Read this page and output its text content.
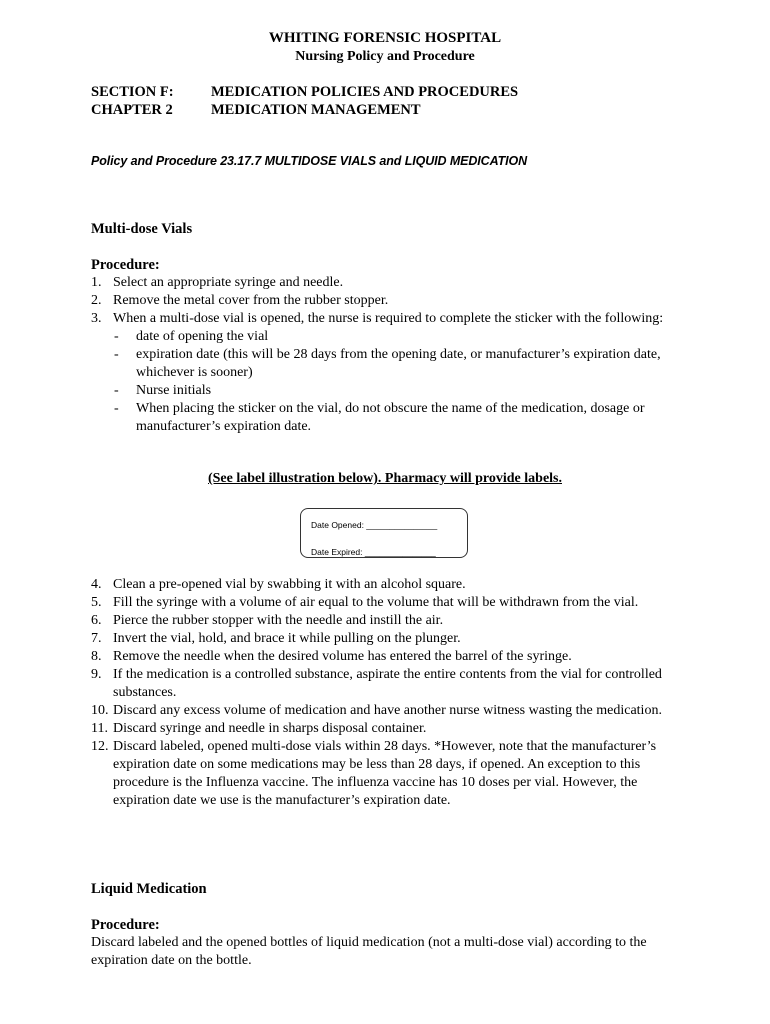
WHITING FORENSIC HOSPITAL
Nursing Policy and Procedure
SECTION F:	MEDICATION POLICIES AND PROCEDURES
CHAPTER 2	MEDICATION MANAGEMENT
Policy and Procedure 23.17.7 MULTIDOSE VIALS and LIQUID MEDICATION
Multi-dose Vials
Procedure:
1. Select an appropriate syringe and needle.
2. Remove the metal cover from the rubber stopper.
3. When a multi-dose vial is opened, the nurse is required to complete the sticker with the following:
- date of opening the vial
- expiration date (this will be 28 days from the opening date, or manufacturer’s expiration date, whichever is sooner)
- Nurse initials
- When placing the sticker on the vial, do not obscure the name of the medication, dosage or manufacturer’s expiration date.
(See label illustration below). Pharmacy will provide labels.
Date Opened: _______________
Date Expired: _______________
4. Clean a pre-opened vial by swabbing it with an alcohol square.
5. Fill the syringe with a volume of air equal to the volume that will be withdrawn from the vial.
6. Pierce the rubber stopper with the needle and instill the air.
7. Invert the vial, hold, and brace it while pulling on the plunger.
8. Remove the needle when the desired volume has entered the barrel of the syringe.
9. If the medication is a controlled substance, aspirate the entire contents from the vial for controlled substances.
10. Discard any excess volume of medication and have another nurse witness wasting the medication.
11. Discard syringe and needle in sharps disposal container.
12. Discard labeled, opened multi-dose vials within 28 days. *However, note that the manufacturer’s expiration date on some medications may be less than 28 days, if opened. An exception to this procedure is the Influenza vaccine. The influenza vaccine has 10 doses per vial. However, the expiration date we use is the manufacturer’s expiration date.
Liquid Medication
Procedure:
Discard labeled and the opened bottles of liquid medication (not a multi-dose vial) according to the expiration date on the bottle.
